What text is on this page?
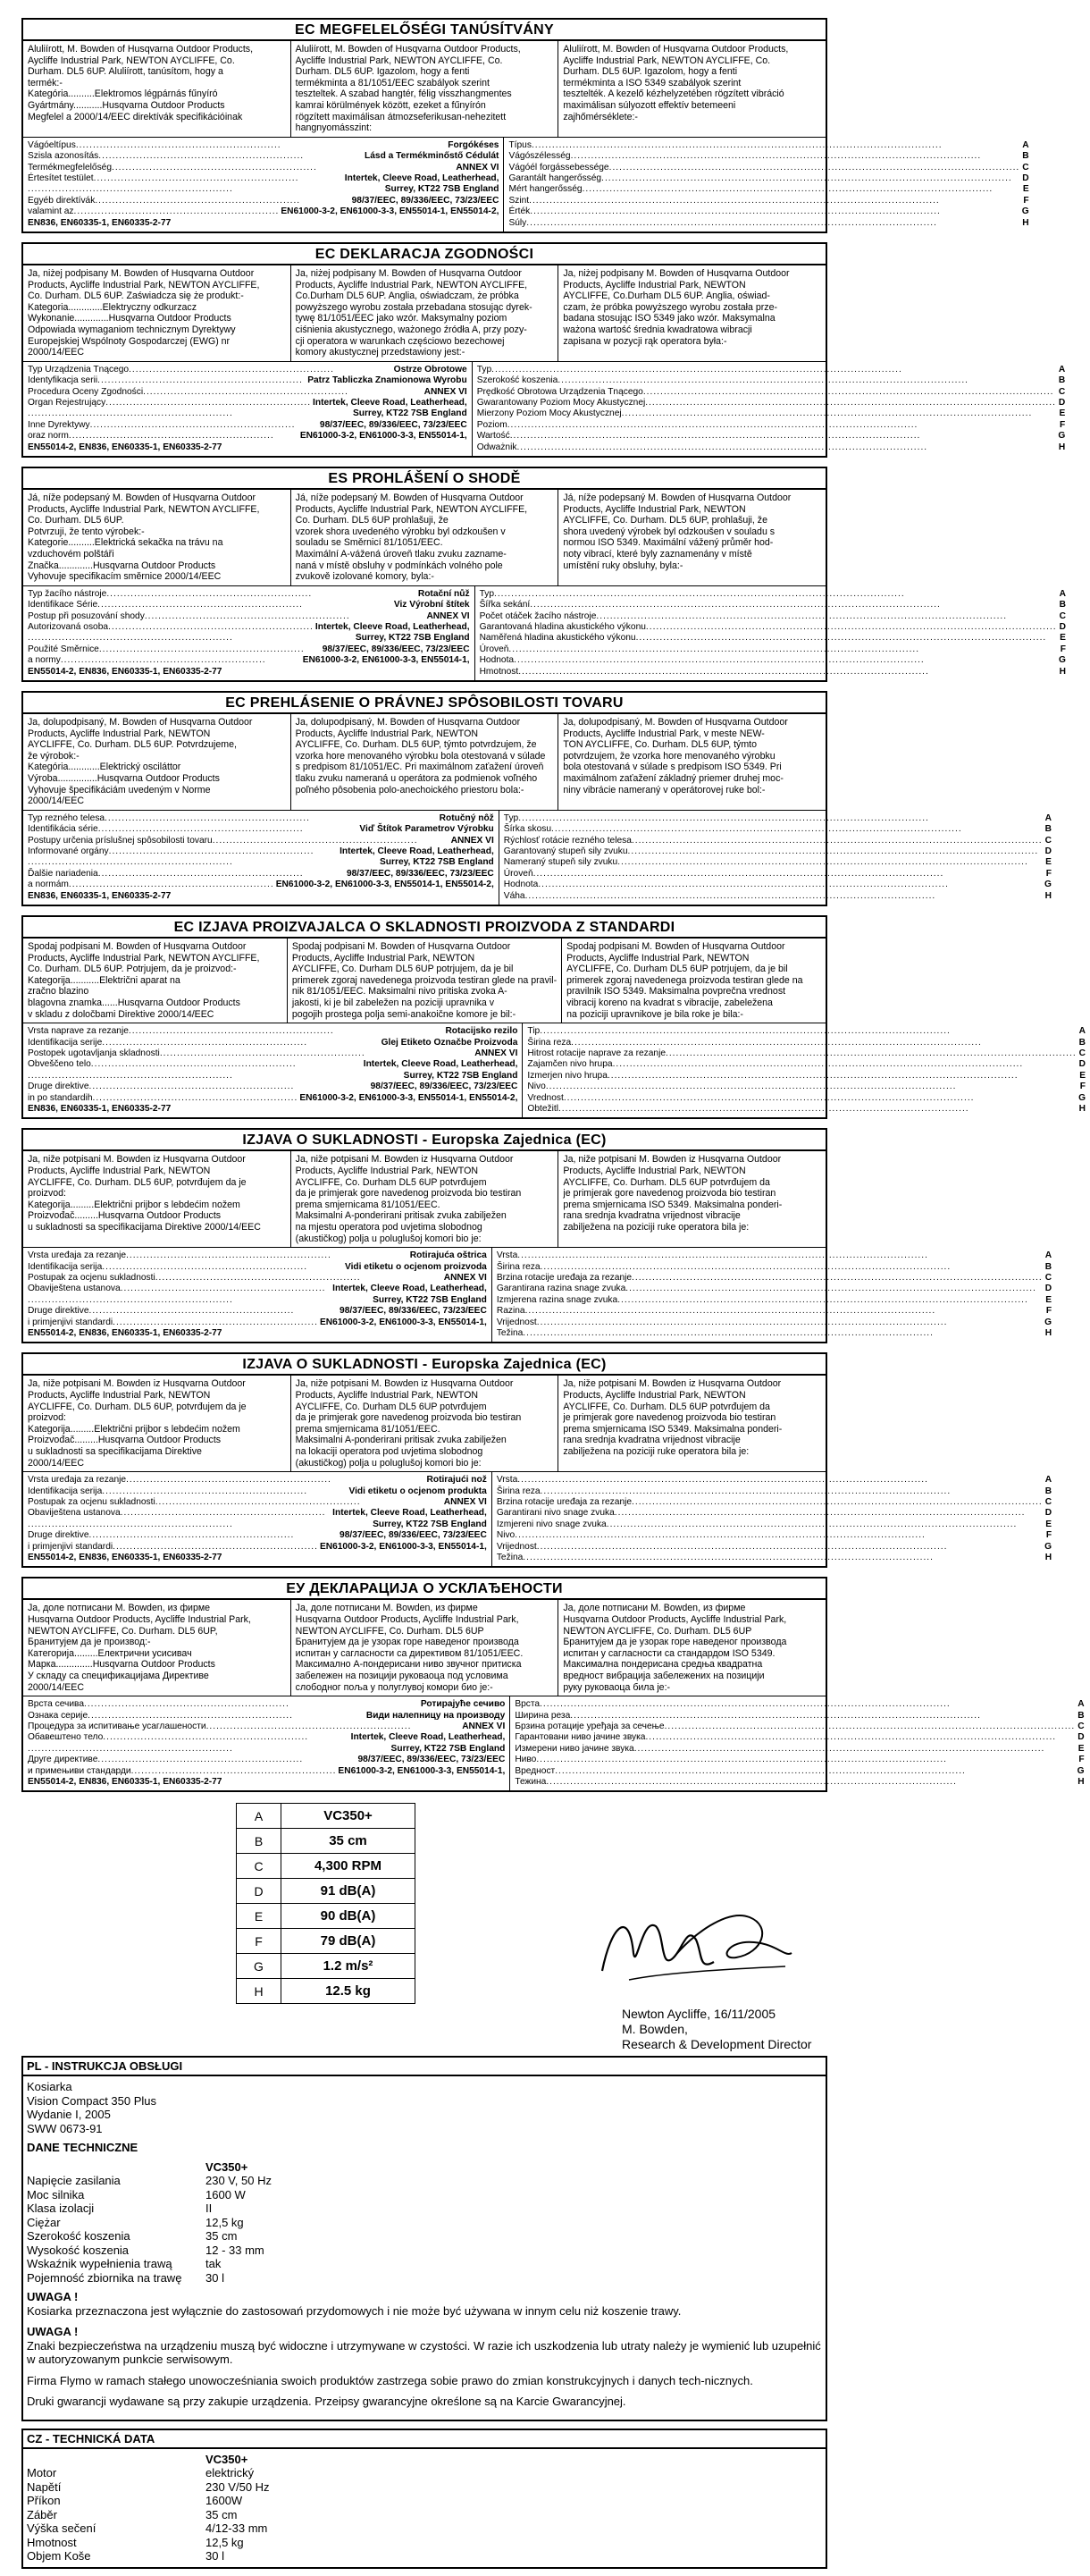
EC MEGFELELŐSÉGI TANÚSÍTVÁNY
Aluliírott, M. Bowden of Husqvarna Outdoor Products,
Aycliffe Industrial Park, NEWTON AYCLIFFE, Co.
Durham. DL5 6UP. Aluliírott, tanúsítom, hogy a
termék:-
Kategória..........Elektromos légpárnás fűnyíró
Gyártmány...........Husqvarna Outdoor Products
Megfelel a 2000/14/EEC direktívák specifikációinak
Aluliírott, M. Bowden of Husqvarna Outdoor Products,
Aycliffe Industrial Park, NEWTON AYCLIFFE, Co.
Durham. DL5 6UP. Igazolom, hogy a fenti
termékminta a 81/1051/EEC szabályok szerint
teszteltek. A szabad hangtér, félig visszhangmentes
kamrai körülmények között, ezeket a fűnyírón
rögzített maximálisan átmozseferikusan-nehezitett
hangnyomásszint:
Aluliírott, M. Bowden of Husqvarna Outdoor Products,
Aycliffe Industrial Park, NEWTON AYCLIFFE, Co.
Durham. DL5 6UP. Igazolom, hogy a fenti
termékminta a ISO 5349 szabályok szerint
tesztelték. A kezelő kézhelyzetében rögzített vibráció
maximálisan súlyozott effektív betemeeni
zajhőmérséklete:-
Vágóeltípus ............................................................	Forgókéses
Szisla azonosítás ............................................................	Lásd a Termékminőstő Cédulát
Termékmegfelelőség ............................................................	ANNEX VI
Értesítet testület ............................................................	Intertek, Cleeve Road, Leatherhead,
............................................................	Surrey, KT22 7SB England
Egyéb direktívák ............................................................	98/37/EEC, 89/336/EEC, 73/23/EEC
valamint az ............................................................ EN61000-3-2, EN61000-3-3, EN55014-1, EN55014-2,
EN836, EN60335-1, EN60335-2-77
Típus ........................................................................................................................	A
Vágószélesség ........................................................................................................................	B
Vágóél forgássebessége ........................................................................................................................ C
Garantált hangerősség ........................................................................................................................	D
Mért hangerősség ........................................................................................................................	E
Szint ........................................................................................................................	F
Érték ........................................................................................................................	G
Súly ........................................................................................................................	H
EC DEKLARACJA ZGODNOŚCI
Ja, niżej podpisany M. Bowden of Husqvarna Outdoor
Products, Aycliffe Industrial Park, NEWTON AYCLIFFE,
Co. Durham. DL5 6UP. Zaświadcza się że produkt:-
Kategoria.............Elektryczny odkurzacz
Wykonanie.............Husqvarna Outdoor Products
Odpowiada wymaganiom technicznym Dyrektywy
Europejskiej Wspólnoty Gospodarczej (EWG) nr
2000/14/EEC
Ja, niżej podpisany M. Bowden of Husqvarna Outdoor
Products, Aycliffe Industrial Park, NEWTON AYCLIFFE,
Co.Durham DL5 6UP. Anglia, oświadczam, że próbka
powyższego wyrobu została przebadana stosując dyrek-
tywę 81/1051/EEC jako wzór. Maksymalny poziom
ciśnienia akustycznego, ważonego źródła A, przy pozy-
cji operatora w warunkach częściowo bezechowej
komory akustycznej przedstawiony jest:-
Ja, niżej podpisany M. Bowden of Husqvarna Outdoor
Products, Aycliffe Industrial Park, NEWTON
AYCLIFFE, Co.Durham DL5 6UP. Anglia, oświad-
czam, że próbka powyższego wyrobu została prze-
badana stosując ISO 5349 jako wzór. Maksymalna
ważona wartość średnia kwadratowa wibracji
zapisana w pozycji rąk operatora była:-
Typ Urządzenia Tnącego ............................................................	Ostrze Obrotowe
Identyfikacja serii ............................................................ Patrz Tabliczka Znamionowa Wyrobu
Procedura Oceny Zgodności ............................................................	ANNEX VI
Organ Rejestrujący ............................................................ Intertek, Cleeve Road, Leatherhead,
............................................................	Surrey, KT22 7SB England
Inne Dyrektywy ............................................................	98/37/EEC, 89/336/EEC, 73/23/EEC
oraz norm ............................................................	EN61000-3-2, EN61000-3-3, EN55014-1,
EN55014-2, EN836, EN60335-1, EN60335-2-77
Typ ........................................................................................................................	A
Szerokość koszenia ........................................................................................................................	B
Prędkość Obrotowa Urządzenia Tnącego ........................................................................................................................ C
Gwarantowany Poziom Mocy Akustycznej ........................................................................................................................ D
Mierzony Poziom Mocy Akustycznej ........................................................................................................................	E
Poziom ........................................................................................................................	F
Wartość ........................................................................................................................	G
Odważnik ........................................................................................................................	H
ES PROHLÁŠENÍ O SHODĚ
Já, níže podepsaný M. Bowden of Husqvarna Outdoor
Products, Aycliffe Industrial Park, NEWTON AYCLIFFE,
Co. Durham. DL5 6UP.
Potvrzuji, že tento výrobek:-
Kategorie..........Elektrická sekačka na trávu na
vzduchovém polštáři
Značka.............Husqvarna Outdoor Products
Vyhovuje specifikacím směrnice 2000/14/EEC
Já, níže podepsaný M. Bowden of Husqvarna Outdoor
Products, Aycliffe Industrial Park, NEWTON AYCLIFFE,
Co. Durham. DL5 6UP prohlašuji, že
vzorek shora uvedeného výrobku byl odzkoušen v
souladu se Směrnicí 81/1051/EEC.
Maximální A-vážená úroveň tlaku zvuku zazname-
naná v místě obsluhy v podmínkách volného pole
zvukově izolované komory, byla:-
Já, níže podepsaný M. Bowden of Husqvarna Outdoor
Products, Aycliffe Industrial Park, NEWTON
AYCLIFFE, Co. Durham. DL5 6UP, prohlašuji, že
shora uvedený výrobek byl odzkoušen v souladu s
normou ISO 5349. Maximální vážený průměr hod-
noty vibrací, které byly zaznamenány v místě
umístění ruky obsluhy, byla:-
Typ žacího nástroje ............................................................	Rotační nůž
Identifikace Série ............................................................	Viz Výrobní štítek
Postup při posuzování shody ............................................................	ANNEX VI
Autorizovaná osoba ............................................................ Intertek, Cleeve Road, Leatherhead,
............................................................	Surrey, KT22 7SB England
Použité Směrnice ............................................................	98/37/EEC, 89/336/EEC, 73/23/EEC
a normy ............................................................	EN61000-3-2, EN61000-3-3, EN55014-1,
EN55014-2, EN836, EN60335-1, EN60335-2-77
Typ ........................................................................................................................	A
Šířka sekání ........................................................................................................................	B
Počet otáček žacího nástroje ........................................................................................................................	C
Garantovaná hladina akustického výkonu ........................................................................................................................ D
Naměřená hladina akustického výkonu ........................................................................................................................	E
Úroveň ........................................................................................................................	F
Hodnota ........................................................................................................................	G
Hmotnost ........................................................................................................................	H
EC PREHLÁSENIE O PRÁVNEJ SPÔSOBILOSTI TOVARU
Ja, dolupodpisaný, M. Bowden of Husqvarna Outdoor
Products, Aycliffe Industrial Park, NEWTON
AYCLIFFE, Co. Durham. DL5 6UP. Potvrdzujeme,
že výrobok:-
Kategória............Elektrický osciláttor
Výroba...............Husqvarna Outdoor Products
Vyhovuje špecifikáciám uvedeným v Norme
2000/14/EEC
Ja, dolupodpisaný, M. Bowden of Husqvarna Outdoor
Products, Aycliffe Industrial Park, NEWTON
AYCLIFFE, Co. Durham. DL5 6UP, týmto potvrdzujem, že
vzorka hore menovaného výrobku bola otestovaná v súlade
s predpisom 81/1051/EC. Pri maximálnom zaťažení úroveň
tlaku zvuku nameraná u operátora za podmienok voľného
poľného pôsobenia polo-anechoického priestoru bola:-
Ja, dolupodpisaný, M. Bowden of Husqvarna Outdoor
Products, Aycliffe Industrial Park, v meste NEW-
TON AYCLIFFE, Co. Durham. DL5 6UP, týmto
potvrdzujem, že vzorka hore menovaného výrobku
bola otestovaná v súlade s predpisom ISO 5349. Pri
maximálnom zaťažení základný priemer druhej moc-
niny vibrácie nameraný v operátorovej ruke bol:-
Typ rezného telesa ............................................................	Rotučný nôž
Identifikácia série ............................................................	Viď Štítok Parametrov Výrobku
Postupy určenia príslušnej spôsobilosti tovaru ............................................................	ANNEX VI
Informované orgány ............................................................	Intertek, Cleeve Road, Leatherhead,
............................................................	Surrey, KT22 7SB England
Ďalšie nariadenia ............................................................	98/37/EEC, 89/336/EEC, 73/23/EEC
a normám ............................................................ EN61000-3-2, EN61000-3-3, EN55014-1, EN55014-2,
EN836, EN60335-1, EN60335-2-77
Typ ........................................................................................................................	A
Šírka skosu ........................................................................................................................	B
Rýchlosť rotácie rezného telesa ........................................................................................................................ C
Garantovaný stupeň sily zvuku ........................................................................................................................ D
Nameraný stupeň sily zvuku ........................................................................................................................	E
Úroveň ........................................................................................................................	F
Hodnota ........................................................................................................................	G
Váha ........................................................................................................................	H
EC IZJAVA PROIZVAJALCA O SKLADNOSTI PROIZVODA Z STANDARDI
Spodaj podpisani M. Bowden of Husqvarna Outdoor
Products, Aycliffe Industrial Park, NEWTON AYCLIFFE,
Co. Durham. DL5 6UP. Potrjujem, da je proizvod:-
Kategorija...........Električni aparat na
zračno blazino
blagovna znamka......Husqvarna Outdoor Products
v skladu z določbami Direktive 2000/14/EEC
Spodaj podpisani M. Bowden of Husqvarna Outdoor
Products, Aycliffe Industrial Park, NEWTON
AYCLIFFE, Co. Durham DL5 6UP potrjujem, da je bil
primerek zgoraj navedenega proizvoda testiran glede na pravil-
nik 81/1051/EEC. Maksimalni nivo pritiska zvoka A-
jakosti, ki je bil zabeležen na poziciji upravnika v
pogojih prostega polja semi-anakoične komore je bil:-
Spodaj podpisani M. Bowden of Husqvarna Outdoor
Products, Aycliffe Industrial Park, NEWTON
AYCLIFFE, Co. Durham DL5 6UP potrjujem, da je bil
primerek zgoraj navedenega proizvoda testiran glede na
pravilnik ISO 5349. Maksimalna povprečna vrednost
vibracij koreno na kvadrat s vibracije, zabeležena
na poziciji upravnikove je bila roke je bila:-
Vrsta naprave za rezanje ............................................................	Rotacijsko rezilo
Identifikacija serije ............................................................	Glej Etiketo Označbe Proizvoda
Postopek ugotavljanja skladnosti ............................................................	ANNEX VI
Obveščeno telo ............................................................	Intertek, Cleeve Road, Leatherhead,
............................................................	Surrey, KT22 7SB England
Druge direktive ............................................................	98/37/EEC, 89/336/EEC, 73/23/EEC
in po standardih ............................................................ EN61000-3-2, EN61000-3-3, EN55014-1, EN55014-2,
EN836, EN60335-1, EN60335-2-77
Tip ........................................................................................................................	A
Širina reza ........................................................................................................................	B
Hitrost rotacije naprave za rezanje ........................................................................................................................ C
Zajamčen nivo hrupa ........................................................................................................................	D
Izmerjen nivo hrupa ........................................................................................................................	E
Nivo ........................................................................................................................	F
Vrednost ........................................................................................................................	G
Obtežitl ........................................................................................................................	H
IZJAVA O SUKLADNOSTI - Europska Zajednica (EC)
Ja, niže potpisani M. Bowden iz Husqvarna Outdoor
Products, Aycliffe Industrial Park, NEWTON
AYCLIFFE, Co. Durham. DL5 6UP, potvrđujem da je
proizvod:
Kategorija.........Električni prijbor s lebdećim nožem
Proizvođač.........Husqvarna Outdoor Products
u sukladnosti sa specifikacijama Direktive 2000/14/EEC
Ja, niže potpisani M. Bowden iz Husqvarna Outdoor
Products, Aycliffe Industrial Park, NEWTON
AYCLIFFE, Co. Durham DL5 6UP potvrđujem
da je primjerak gore navedenog proizvoda bio testiran
prema smjernicama 81/1051/EEC.
Maksimalni A-ponderirani pritisak zvuka zabilježen
na mjestu operatora pod uvjetima slobodnog
(akustičkog) polja u poluglušoj komori bio je:
Ja, niže potpisani M. Bowden iz Husqvarna Outdoor
Products, Aycliffe Industrial Park, NEWTON
AYCLIFFE, Co. Durham. DL5 6UP potvrđujem da
je primjerak gore navedenog proizvoda bio testiran
prema smjernicama ISO 5349. Maksimalna ponderi-
rana srednja kvadratna vrijednost vibracije
zabilježena na poziciji ruke operatora bila je:
Vrsta uređaja za rezanje ............................................................	Rotirajuća oštrica
Identifikacija serija ............................................................	Vidi etiketu o ocjenom proizvoda
Postupak za ocjenu sukladnosti ............................................................	ANNEX VI
Obaviještena ustanova ............................................................ Intertek, Cleeve Road, Leatherhead,
............................................................	Surrey, KT22 7SB England
Druge direktive ............................................................	98/37/EEC, 89/336/EEC, 73/23/EEC
i primjenjivi standardi ............................................................ EN61000-3-2, EN61000-3-3, EN55014-1,
EN55014-2, EN836, EN60335-1, EN60335-2-77
Vrsta ........................................................................................................................	A
Širina reza ........................................................................................................................	B
Brzina rotacije uređaja za rezanje ........................................................................................................................ C
Garantirana razina snage zvuka ........................................................................................................................ D
Izmjerena razina snage zvuka ........................................................................................................................	E
Razina ........................................................................................................................	F
Vrijednost ........................................................................................................................	G
Težina ........................................................................................................................	H
IZJAVA O SUKLADNOSTI - Europska Zajednica (EC)
Ja, niže potpisani M. Bowden iz Husqvarna Outdoor
Products, Aycliffe Industrial Park, NEWTON
AYCLIFFE, Co. Durham. DL5 6UP, potvrđujem da je
proizvod:
Kategorija.........Električni prijbor s lebdećim nožem
Proizvođač.........Husqvarna Outdoor Products
u sukladnosti sa specifikacijama Direktive
2000/14/EEC
Ja, niže potpisani M. Bowden iz Husqvarna Outdoor
Products, Aycliffe Industrial Park, NEWTON
AYCLIFFE, Co. Durham DL5 6UP potvrđujem
da je primjerak gore navedenog proizvoda bio testiran
prema smjernicama 81/1051/EEC.
Maksimalni A-ponderirani pritisak zvuka zabilježen
na lokaciji operatora pod uvjetima slobodnog
(akustičkog) polja u poluglušoj komori bio je:
Ja, niže potpisani M. Bowden iz Husqvarna Outdoor
Products, Aycliffe Industrial Park, NEWTON
AYCLIFFE, Co. Durham. DL5 6UP potvrđujem da
je primjerak gore navedenog proizvoda bio testiran
prema smjernicama ISO 5349. Maksimalna ponderi-
rana srednja kvadratna vrijednost vibracije
zabilježena na poziciji ruke operatora bila je:
Vrsta uređaja za rezanje ............................................................	Rotirajući nož
Identifikacija serija ............................................................	Vidi etiketu o ocjenom produkta
Postupak za ocjenu sukladnosti ............................................................	ANNEX VI
Obaviještena ustanova ............................................................ Intertek, Cleeve Road, Leatherhead,
............................................................	Surrey, KT22 7SB England
Druge direktive ............................................................	98/37/EEC, 89/336/EEC, 73/23/EEC
i primjenjivi standardi ............................................................ EN61000-3-2, EN61000-3-3, EN55014-1,
EN55014-2, EN836, EN60335-1, EN60335-2-77
Vrsta ........................................................................................................................	A
Širina reza ........................................................................................................................	B
Brzina rotacije uređaja za rezanje ........................................................................................................................ C
Garantirani nivo snage zvuka ........................................................................................................................	D
Izmjereni nivo snage zvuka ........................................................................................................................	E
Nivo ........................................................................................................................	F
Vrijednost ........................................................................................................................	G
Težina ........................................................................................................................	H
ЕУ ДЕКЛАРАЦИЈА О УСКЛАЂЕНОСТИ
Ја, доле потписани M. Bowden, из фирме
Husqvarna Outdoor Products, Aycliffe Industrial Park,
NEWTON AYCLIFFE, Co. Durham. DL5 6UP,
Бранитујем да је производ:-
Категорија.........Електрични усисивач
Марка..............Husqvarna Outdoor Products
У складу са спецификацијама Директиве
2000/14/EEC
Ја, доле потписани M. Bowden, из фирме
Husqvarna Outdoor Products, Aycliffe Industrial Park,
NEWTON AYCLIFFE, Co. Durham. DL5 6UP
Бранитујем да је узорак горе наведеног производа
испитан у сагласности са директивом 81/1051/EEC.
Максимално А-пондерисани ниво звучног притиска
забележен на позицији руковаоца под условима
слободног поља у полуглувој комори био је:-
Ја, доле потписани M. Bowden, из фирме
Husqvarna Outdoor Products, Aycliffe Industrial Park,
NEWTON AYCLIFFE, Co. Durham. DL5 6UP
Бранитујем да је узорак горе наведеног производа
испитан у сагласности са стандардом ISO 5349.
Максимална пондерисана средња квадратна
вредност вибрација забележених на позицији
руку руковаоца била је:-
Врста сечива ............................................................	Ротирајуће сечиво
Ознака серије ............................................................	Види налепницу на производу
Процедура за испитивање усаглашености ............................................................	ANNEX VI
Обавештено тело ............................................................	Intertek, Cleeve Road, Leatherhead,
............................................................	Surrey, KT22 7SB England
Друге директиве ............................................................	98/37/EEC, 89/336/EEC, 73/23/EEC
и примењиви стандарди ............................................................ EN61000-3-2, EN61000-3-3, EN55014-1,
EN55014-2, EN836, EN60335-1, EN60335-2-77
Врста ........................................................................................................................	A
Ширина реза ........................................................................................................................	B
Брзина ротације уређаја за сечење ........................................................................................................................ C
Гарантовани ниво јачине звука ........................................................................................................................	D
Измерени ниво јачине звука ........................................................................................................................	E
Ниво ........................................................................................................................	F
Вредност ........................................................................................................................	G
Тежина ........................................................................................................................	H
A	VC350+
B	35 cm
C	4,300 RPM
D	91 dB(A)
E	90 dB(A)
F	79 dB(A)
G	1.2 m/s²
H	12.5 kg
Newton Aycliffe, 16/11/2005
M. Bowden,
Research & Development Director
PL - INSTRUKCJA OBSŁUGI
Kosiarka
Vision Compact 350 Plus
Wydanie I, 2005
SWW 0673-91
DANE TECHNICZNE
VC350+
Napięcie zasilania	230 V, 50 Hz
Moc silnika	1600 W
Klasa izolacji	II
Ciężar	12,5 kg
Szerokość koszenia	35 cm
Wysokość koszenia	12 - 33 mm
Wskaźnik wypełnienia trawą	tak
Pojemność zbiornika na trawę	30 l
UWAGA !

Kosiarka przeznaczona jest wyłącznie do zastosowań przydomowych i nie może być używana w innym celu niż koszenie trawy.

UWAGA !

Znaki bezpieczeństwa na urządzeniu muszą być widoczne i utrzymywane w czystości. W razie ich uszkodzenia lub utraty należy je wymienić lub uzupełnić w autoryzowanym punkcie serwisowym.

Firma Flymo w ramach stałego unowocześniania swoich produktów zastrzega sobie prawo do zmian konstrukcyjnych i danych tech-nicznych.

Druki gwarancji wydawane są przy zakupie urządzenia. Przeipsy gwarancyjne określone są na Karcie Gwarancyjnej.

CZ - TECHNICKÁ DATA
VC350+
Motor	elektrický
Napětí	230 V/50 Hz
Příkon	1600W
Záběr	35 cm
Výška sečení	4/12-33 mm
Hmotnost	12,5 kg
Objem Koše	30 l
